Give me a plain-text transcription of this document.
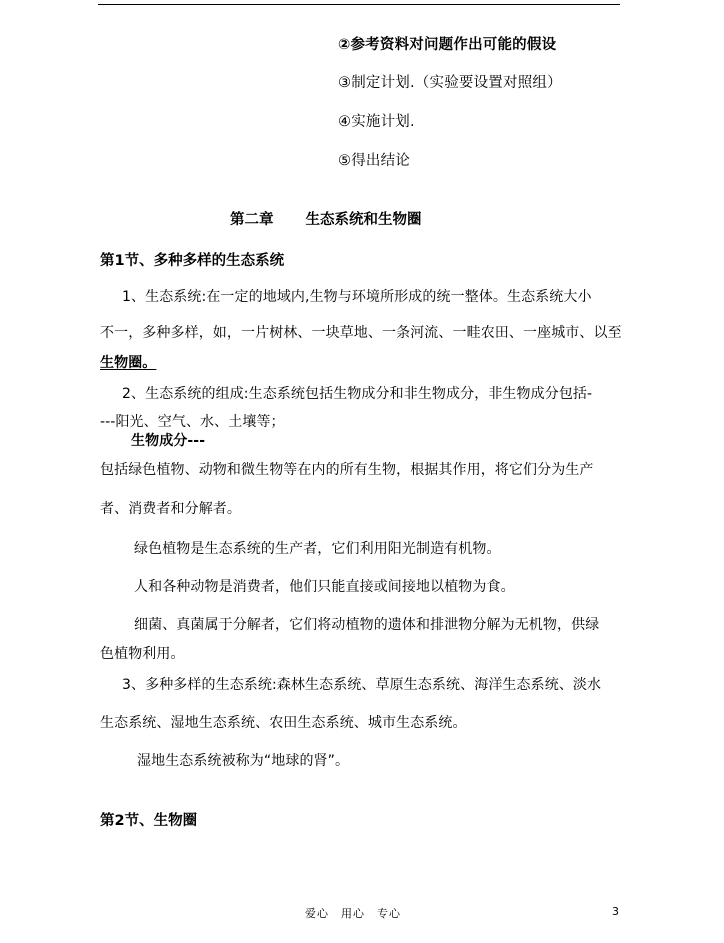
②参考资料对问题作出可能的假设
③制定计划.（实验要设置对照组）
④实施计划.
⑤得出结论
第二章 生态系统和生物圈
第1节、多种多样的生态系统
1、生态系统:在一定的地域内,生物与环境所形成的统一整体。生态系统大小
不一，多种多样，如，一片树林、一块草地、一条河流、一畦农田、一座城市、以至
生物圈。
2、生态系统的组成:生态系统包括生物成分和非生物成分，非生物成分包括-
---阳光、空气、水、土壤等；
生物成分---
包括绿色植物、动物和微生物等在内的所有生物，根据其作用，将它们分为生产
者、消费者和分解者。
绿色植物是生态系统的生产者，它们利用阳光制造有机物。
人和各种动物是消费者，他们只能直接或间接地以植物为食。
细菌、真菌属于分解者，它们将动植物的遗体和排泄物分解为无机物，供绿
色植物利用。
3、多种多样的生态系统:森林生态系统、草原生态系统、海洋生态系统、淡水
生态系统、湿地生态系统、农田生态系统、城市生态系统。
湿地生态系统被称为“地球的肾”。
第2节、生物圈
爱心　用心　专心	3
